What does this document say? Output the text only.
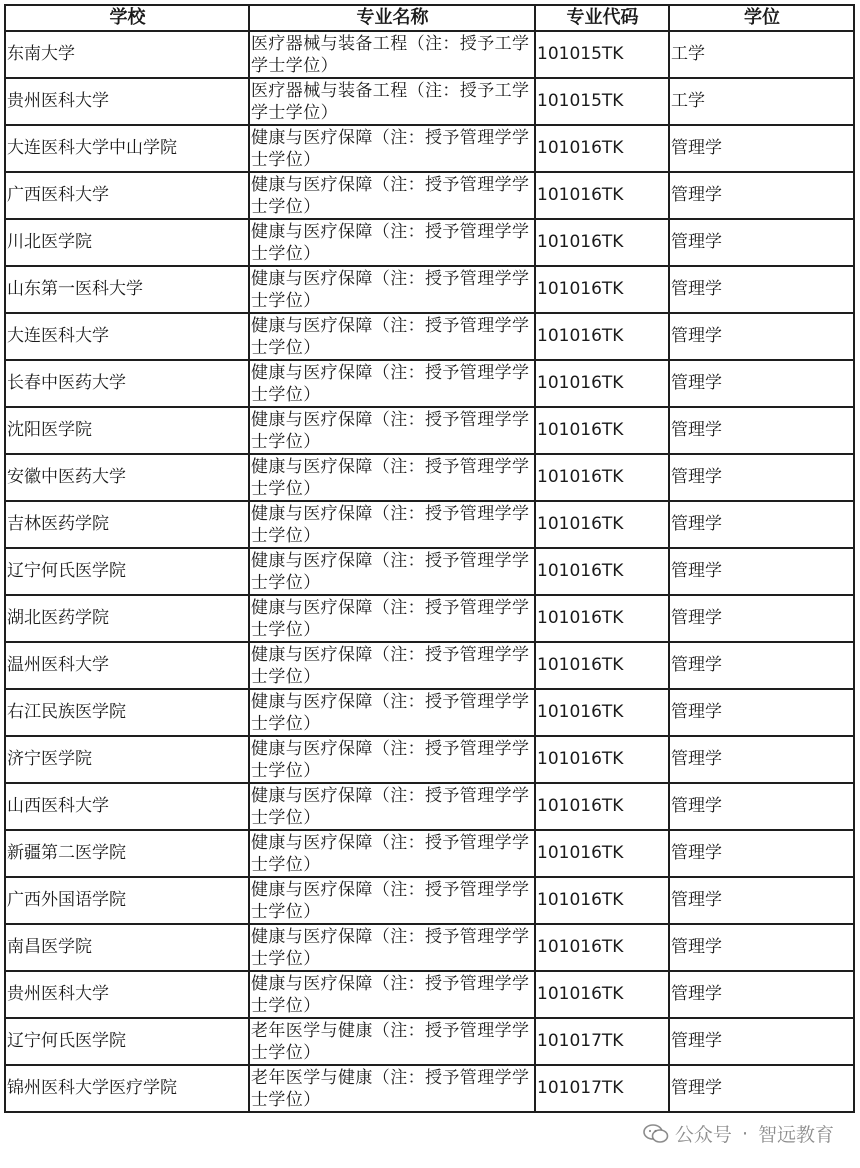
学校	专业名称	专业代码	学位
东南大学	医疗器械与装备工程（注：授予工学学士学位）	101015TK	工学
贵州医科大学	医疗器械与装备工程（注：授予工学学士学位）	101015TK	工学
大连医科大学中山学院	健康与医疗保障（注：授予管理学学士学位）	101016TK	管理学
广西医科大学	健康与医疗保障（注：授予管理学学士学位）	101016TK	管理学
川北医学院	健康与医疗保障（注：授予管理学学士学位）	101016TK	管理学
山东第一医科大学	健康与医疗保障（注：授予管理学学士学位）	101016TK	管理学
大连医科大学	健康与医疗保障（注：授予管理学学士学位）	101016TK	管理学
长春中医药大学	健康与医疗保障（注：授予管理学学士学位）	101016TK	管理学
沈阳医学院	健康与医疗保障（注：授予管理学学士学位）	101016TK	管理学
安徽中医药大学	健康与医疗保障（注：授予管理学学士学位）	101016TK	管理学
吉林医药学院	健康与医疗保障（注：授予管理学学士学位）	101016TK	管理学
辽宁何氏医学院	健康与医疗保障（注：授予管理学学士学位）	101016TK	管理学
湖北医药学院	健康与医疗保障（注：授予管理学学士学位）	101016TK	管理学
温州医科大学	健康与医疗保障（注：授予管理学学士学位）	101016TK	管理学
右江民族医学院	健康与医疗保障（注：授予管理学学士学位）	101016TK	管理学
济宁医学院	健康与医疗保障（注：授予管理学学士学位）	101016TK	管理学
山西医科大学	健康与医疗保障（注：授予管理学学士学位）	101016TK	管理学
新疆第二医学院	健康与医疗保障（注：授予管理学学士学位）	101016TK	管理学
广西外国语学院	健康与医疗保障（注：授予管理学学士学位）	101016TK	管理学
南昌医学院	健康与医疗保障（注：授予管理学学士学位）	101016TK	管理学
贵州医科大学	健康与医疗保障（注：授予管理学学士学位）	101016TK	管理学
辽宁何氏医学院	老年医学与健康（注：授予管理学学士学位）	101017TK	管理学
锦州医科大学医疗学院	老年医学与健康（注：授予管理学学士学位）	101017TK	管理学
公众号 · 智远教育
